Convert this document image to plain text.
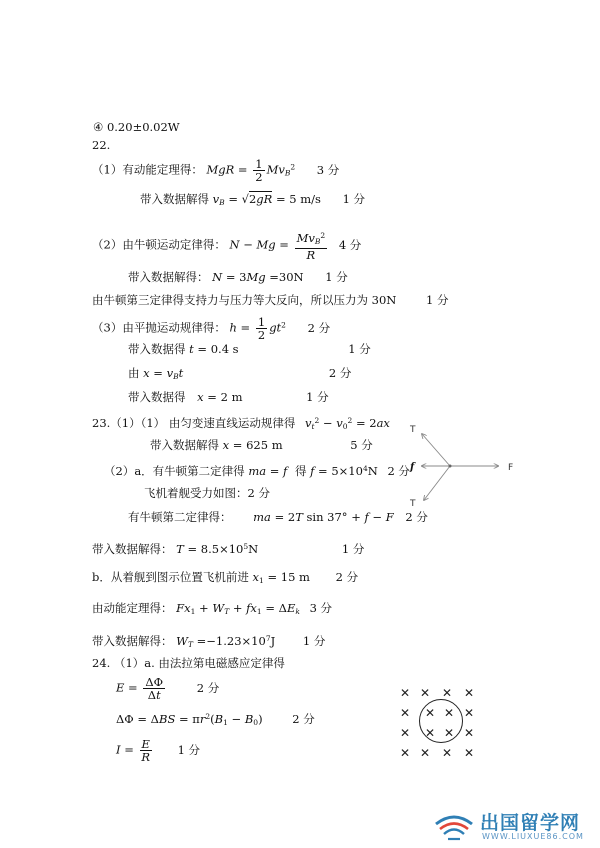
④ 0.20±0.02W
22.
（1）有动能定理得： MgR = $\frac{1}{2} Mv_B^2$ 3 分
带入数据解得 $v_B = √2gR = 5$ m/s 1 分
（2）由牛顿运动定律得： $N - Mg = \frac{Mv_B^2}{R} 4$ 分
带入数据解得： N = 3Mg =30N 1 分
由牛顿第三定律得支持力与压力等大反向，所以压力为 30N	1 分
（3）由平抛运动规律得： $h = \frac{1}{2} gt^2$ 2 分
带入数据得 t = 0.4 s	1 分
由 $x = v_Bt$	2 分
带入数据得 x = 2 m	1 分
23.（1）（1） 由匀变速直线运动规律得 $v_t^2 - v_0^2 = 2ax$
带入数据解得 x = 625 m	5 分
（2）a．有牛顿第二定律得 ma = f 得 $f = 5\times 10^4N$ 2 分
飞机着舰受力如图：2 分
有牛顿第二定律得： ma = 2T sin 37° + f − F 2 分
带入数据解得： $T = 8.5\times 10^5N$	1 分
b．从着舰到图示位置飞机前进 $x_1 = 15$ m 2 分
由动能定理得： $Fx_1 + W_T + fx_1 = \Delta E_k$ 3 分
带入数据解得： $W_T =-1.23\times 10^7J$ 1 分
24. （1）a. 由法拉第电磁感应定律得
$E = \frac{\Delta\Phi}{\Delta t}$	2 分
$\Delta\Phi = \Delta BS = \pi r^2(B_1 - B_0)$ 2 分
$I = \frac{E}{R} 1$ 分
T
f	F
T
✕ ✕ ✕ ✕
✕ ✕ ✕ ✕
✕ ✕ ✕ ✕
✕ ✕ ✕ ✕
出国留学网
WWW.LIUXUE86.COM
